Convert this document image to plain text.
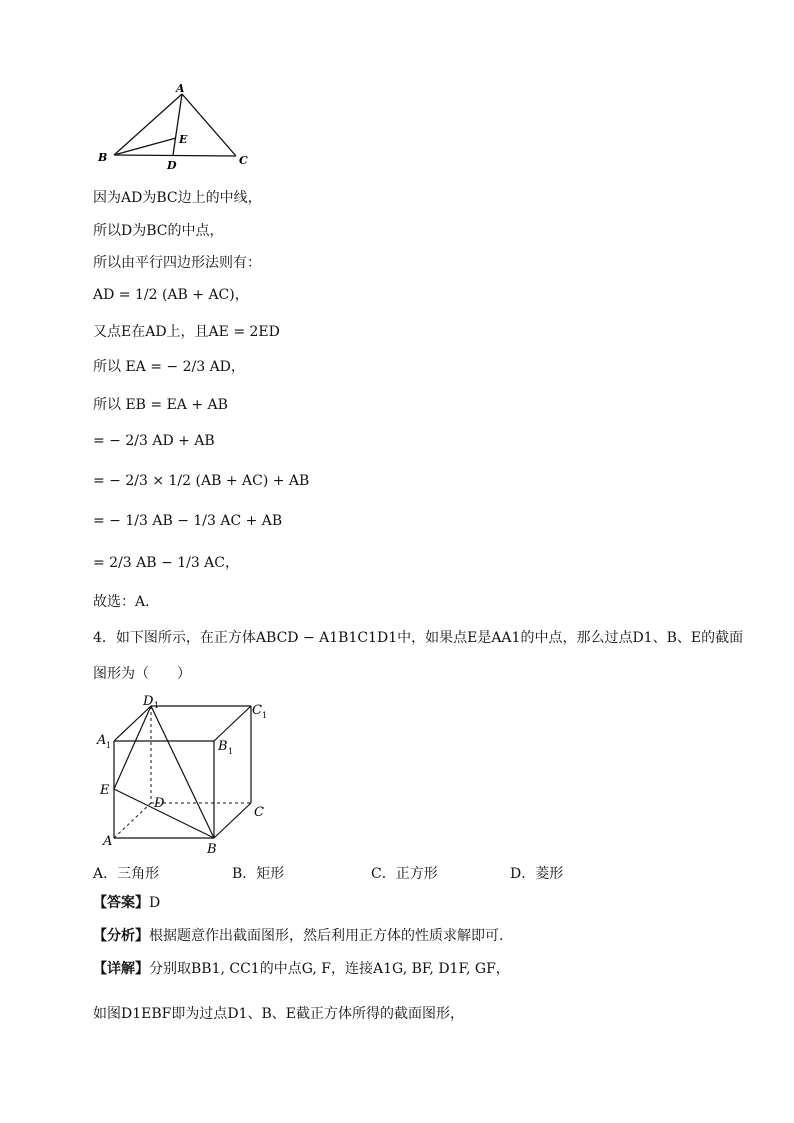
A
B	C
D
E
因为AD为BC边上的中线，
所以D为BC的中点，
所以由平行四边形法则有：
AD = 1/2 (AB + AC)，
又点E在AD上，且AE = 2ED
所以 EA = − 2/3 AD，
所以 EB = EA + AB
= − 2/3 AD + AB
= − 2/3 × 1/2 (AB + AC) + AB
= − 1/3 AB − 1/3 AC + AB
= 2/3 AB − 1/3 AC，
故选：A.
4．如下图所示，在正方体ABCD − A1B1C1D1中，如果点E是AA1的中点，那么过点D1、B、E的截面
图形为（　　）
D 1	C 1
A 1	B 1
E
D
C
A
B
A．三角形	B．矩形	C．正方形	D．菱形
【答案】D
【分析】根据题意作出截面图形，然后利用正方体的性质求解即可.
【详解】分别取BB1, CC1的中点G, F，连接A1G, BF, D1F, GF，
如图D1EBF即为过点D1、B、E截正方体所得的截面图形，
